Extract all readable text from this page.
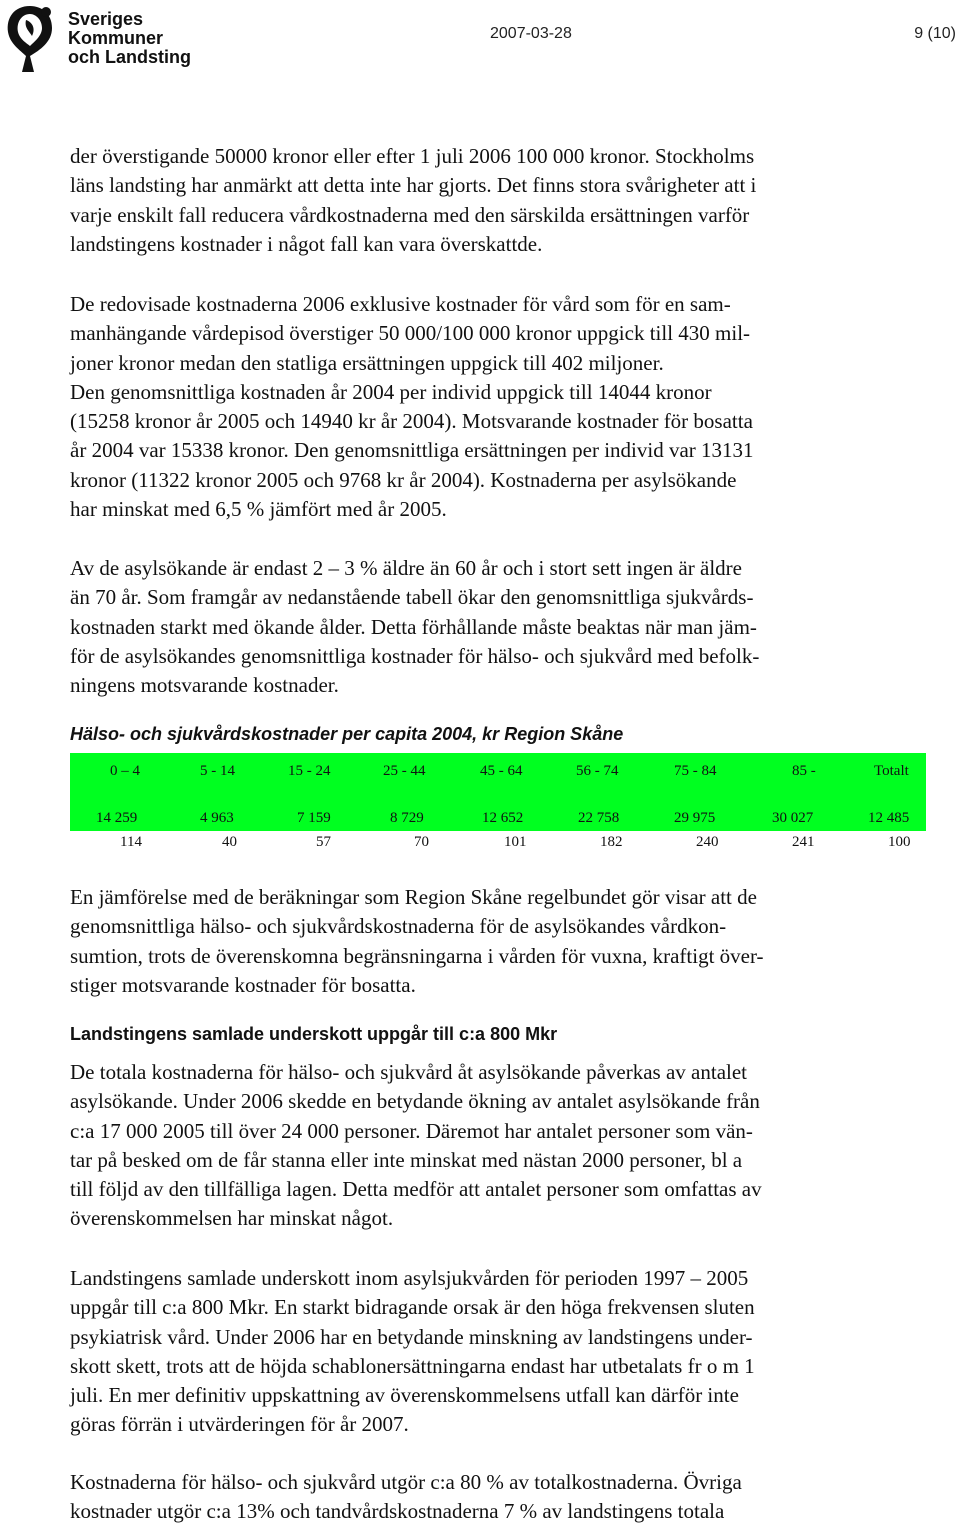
Sveriges
Kommuner
och Landsting
2007-03-28	9 (10)
der överstigande 50000 kronor eller efter 1 juli 2006 100 000 kronor. Stockholms
läns landsting har anmärkt att detta inte har gjorts. Det finns stora svårigheter att i
varje enskilt fall reducera vårdkostnaderna med den särskilda ersättningen varför
landstingens kostnader i något fall kan vara överskattde.
De redovisade kostnaderna 2006 exklusive kostnader för vård som för en sam-
manhängande vårdepisod överstiger 50 000/100 000 kronor uppgick till 430 mil-
joner kronor medan den statliga ersättningen uppgick till 402 miljoner.
Den genomsnittliga kostnaden år 2004 per individ uppgick till 14044 kronor
(15258 kronor år 2005 och 14940 kr år 2004). Motsvarande kostnader för bosatta
år 2004 var 15338 kronor. Den genomsnittliga ersättningen per individ var 13131
kronor (11322 kronor 2005 och 9768 kr år 2004). Kostnaderna per asylsökande
har minskat med 6,5 % jämfört med år 2005.
Av de asylsökande är endast 2 – 3 % äldre än 60 år och i stort sett ingen är äldre
än 70 år. Som framgår av nedanstående tabell ökar den genomsnittliga sjukvårds-
kostnaden starkt med ökande ålder. Detta förhållande måste beaktas när man jäm-
för de asylsökandes genomsnittliga kostnader för hälso- och sjukvård med befolk-
ningens motsvarande kostnader.
Hälso- och sjukvårdskostnader per capita 2004, kr Region Skåne
0 – 4	5 - 14	15 - 24	25 - 44	45 - 64	56 - 74	75 - 84	85 -	Totalt
14 259	4 963	7 159	8 729	12 652	22 758	29 975	30 027	12 485
114	40	57	70	101	182	240	241	100
En jämförelse med de beräkningar som Region Skåne regelbundet gör visar att de
genomsnittliga hälso- och sjukvårdskostnaderna för de asylsökandes vårdkon-
sumtion, trots de överenskomna begränsningarna i vården för vuxna, kraftigt över-
stiger motsvarande kostnader för bosatta.
Landstingens samlade underskott uppgår till c:a 800 Mkr
De totala kostnaderna för hälso- och sjukvård åt asylsökande påverkas av antalet
asylsökande. Under 2006 skedde en betydande ökning av antalet asylsökande från
c:a 17 000 2005 till över 24 000 personer. Däremot har antalet personer som vän-
tar på besked om de får stanna eller inte minskat med nästan 2000 personer, bl a
till följd av den tillfälliga lagen. Detta medför att antalet personer som omfattas av
överenskommelsen har minskat något.
Landstingens samlade underskott inom asylsjukvården för perioden 1997 – 2005
uppgår till c:a 800 Mkr. En starkt bidragande orsak är den höga frekvensen sluten
psykiatrisk vård. Under 2006 har en betydande minskning av landstingens under-
skott skett, trots att de höjda schablonersättningarna endast har utbetalats fr o m 1
juli. En mer definitiv uppskattning av överenskommelsens utfall kan därför inte
göras förrän i utvärderingen för år 2007.
Kostnaderna för hälso- och sjukvård utgör c:a 80 % av totalkostnaderna. Övriga
kostnader utgör c:a 13% och tandvårdskostnaderna 7 % av landstingens totala
